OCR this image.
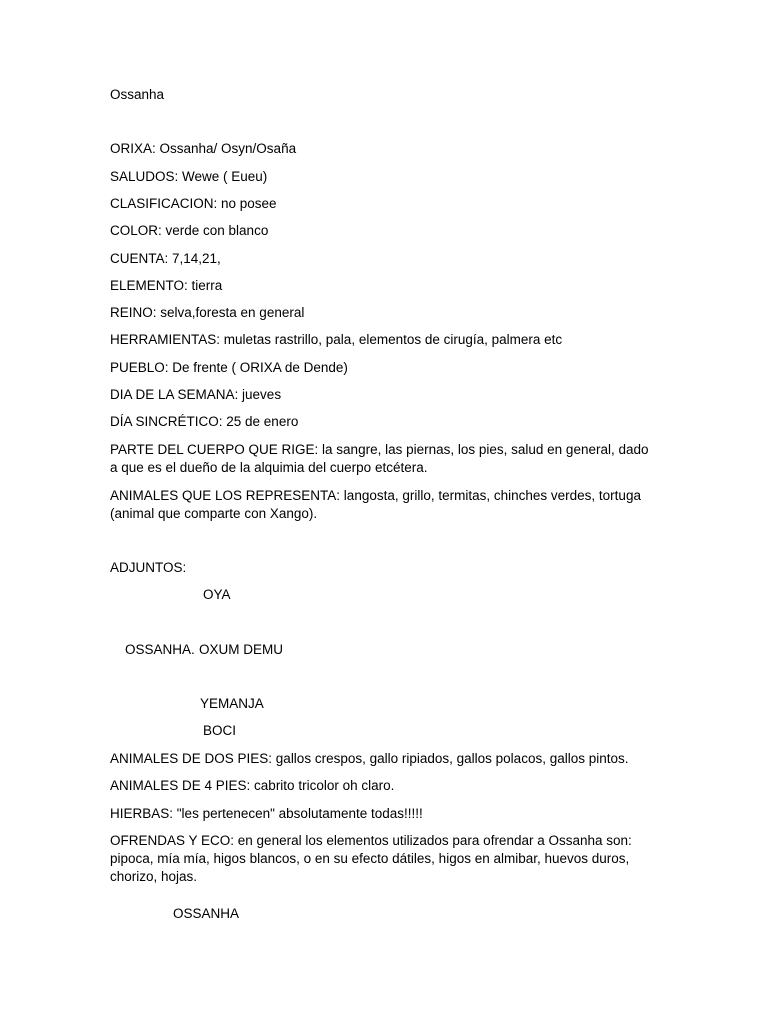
Ossanha
ORIXA: Ossanha/ Osyn/Osaña
SALUDOS: Wewe ( Eueu)
CLASIFICACION: no posee
COLOR: verde con blanco
CUENTA: 7,14,21,
ELEMENTO: tierra
REINO: selva,foresta en general
HERRAMIENTAS: muletas rastrillo, pala, elementos de cirugía, palmera etc
PUEBLO: De frente ( ORIXA de Dende)
DIA DE LA SEMANA: jueves
DÍA SINCRÉTICO: 25 de enero
PARTE DEL CUERPO QUE RIGE: la sangre, las piernas, los pies, salud en general, dado a que es el dueño de la alquimia del cuerpo etcétera.
ANIMALES QUE LOS REPRESENTA: langosta, grillo, termitas, chinches verdes, tortuga (animal que comparte con Xango).
ADJUNTOS:
OYA
OSSANHA. OXUM DEMU
YEMANJA
BOCI
ANIMALES DE DOS PIES: gallos crespos, gallo ripiados, gallos polacos, gallos pintos.
ANIMALES DE 4 PIES: cabrito tricolor oh claro.
HIERBAS: "les pertenecen" absolutamente todas!!!!!
OFRENDAS Y ECO: en general los elementos utilizados para ofrendar a Ossanha son: pipoca, mía mía, higos blancos, o en su efecto dátiles, higos en almibar, huevos duros, chorizo, hojas.
OSSANHA
